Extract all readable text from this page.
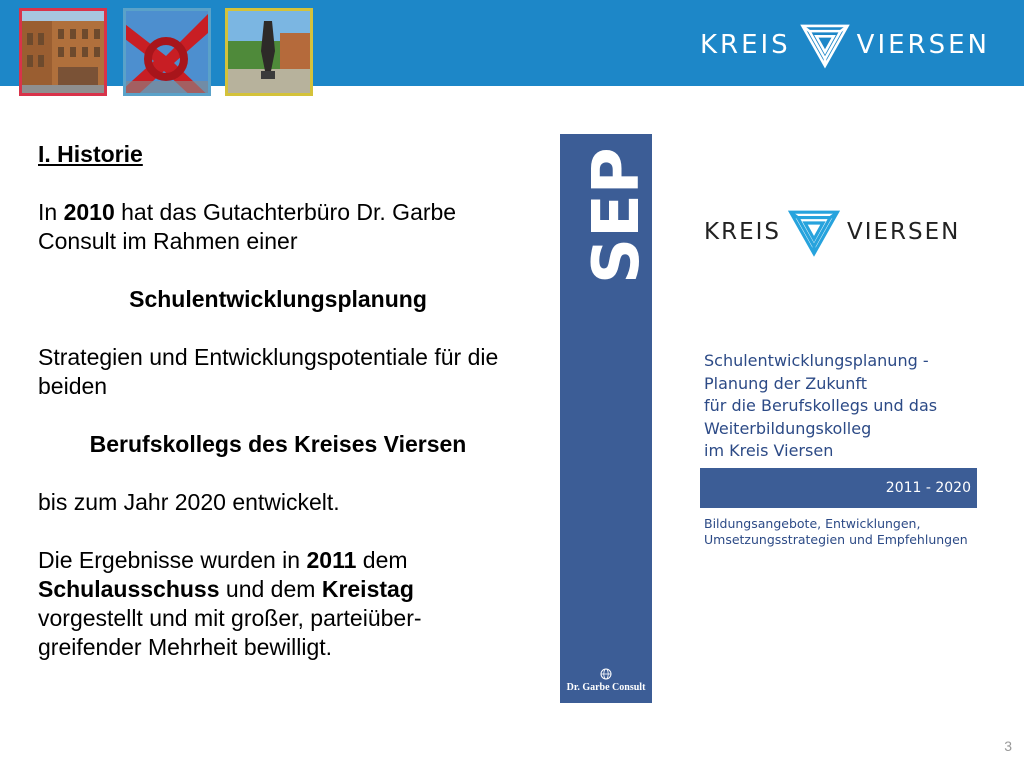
KREIS	VIERSEN

I. Historie

In 2010 hat das Gutachterbüro Dr. Garbe Consult im Rahmen einer

Schulentwicklungsplanung

Strategien und Entwicklungspotentiale für die beiden

Berufskollegs des Kreises Viersen

bis zum Jahr 2020 entwickelt.

Die Ergebnisse wurden in 2011 dem Schulausschuss und dem Kreistag vorgestellt und mit großer, parteiüber-greifender Mehrheit bewilligt.

SEP
Dr. Garbe Consult
KREIS	VIERSEN
Schulentwicklungsplanung -
Planung der Zukunft
für die Berufskollegs und das
Weiterbildungskolleg
im Kreis Viersen
2011 - 2020
Bildungsangebote, Entwicklungen,
Umsetzungsstrategien und Empfehlungen
3
